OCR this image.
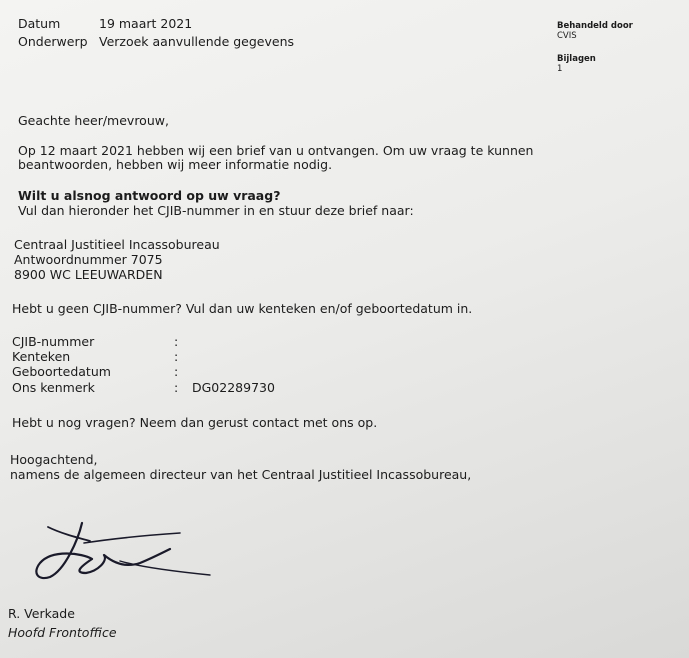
Datum	19 maart 2021
Onderwerp Verzoek aanvullende gegevens
Behandeld door
CVIS
Bijlagen
1
Geachte heer/mevrouw,
Op 12 maart 2021 hebben wij een brief van u ontvangen. Om uw vraag te kunnen
beantwoorden, hebben wij meer informatie nodig.
Wilt u alsnog antwoord op uw vraag?
Vul dan hieronder het CJIB-nummer in en stuur deze brief naar:
Centraal Justitieel Incassobureau
Antwoordnummer 7075
8900 WC LEEUWARDEN
Hebt u geen CJIB-nummer? Vul dan uw kenteken en/of geboortedatum in.
CJIB-nummer	:
Kenteken	:
Geboortedatum	:
Ons kenmerk	: DG02289730
Hebt u nog vragen? Neem dan gerust contact met ons op.
Hoogachtend,
namens de algemeen directeur van het Centraal Justitieel Incassobureau,
R. Verkade
Hoofd Frontoffice
